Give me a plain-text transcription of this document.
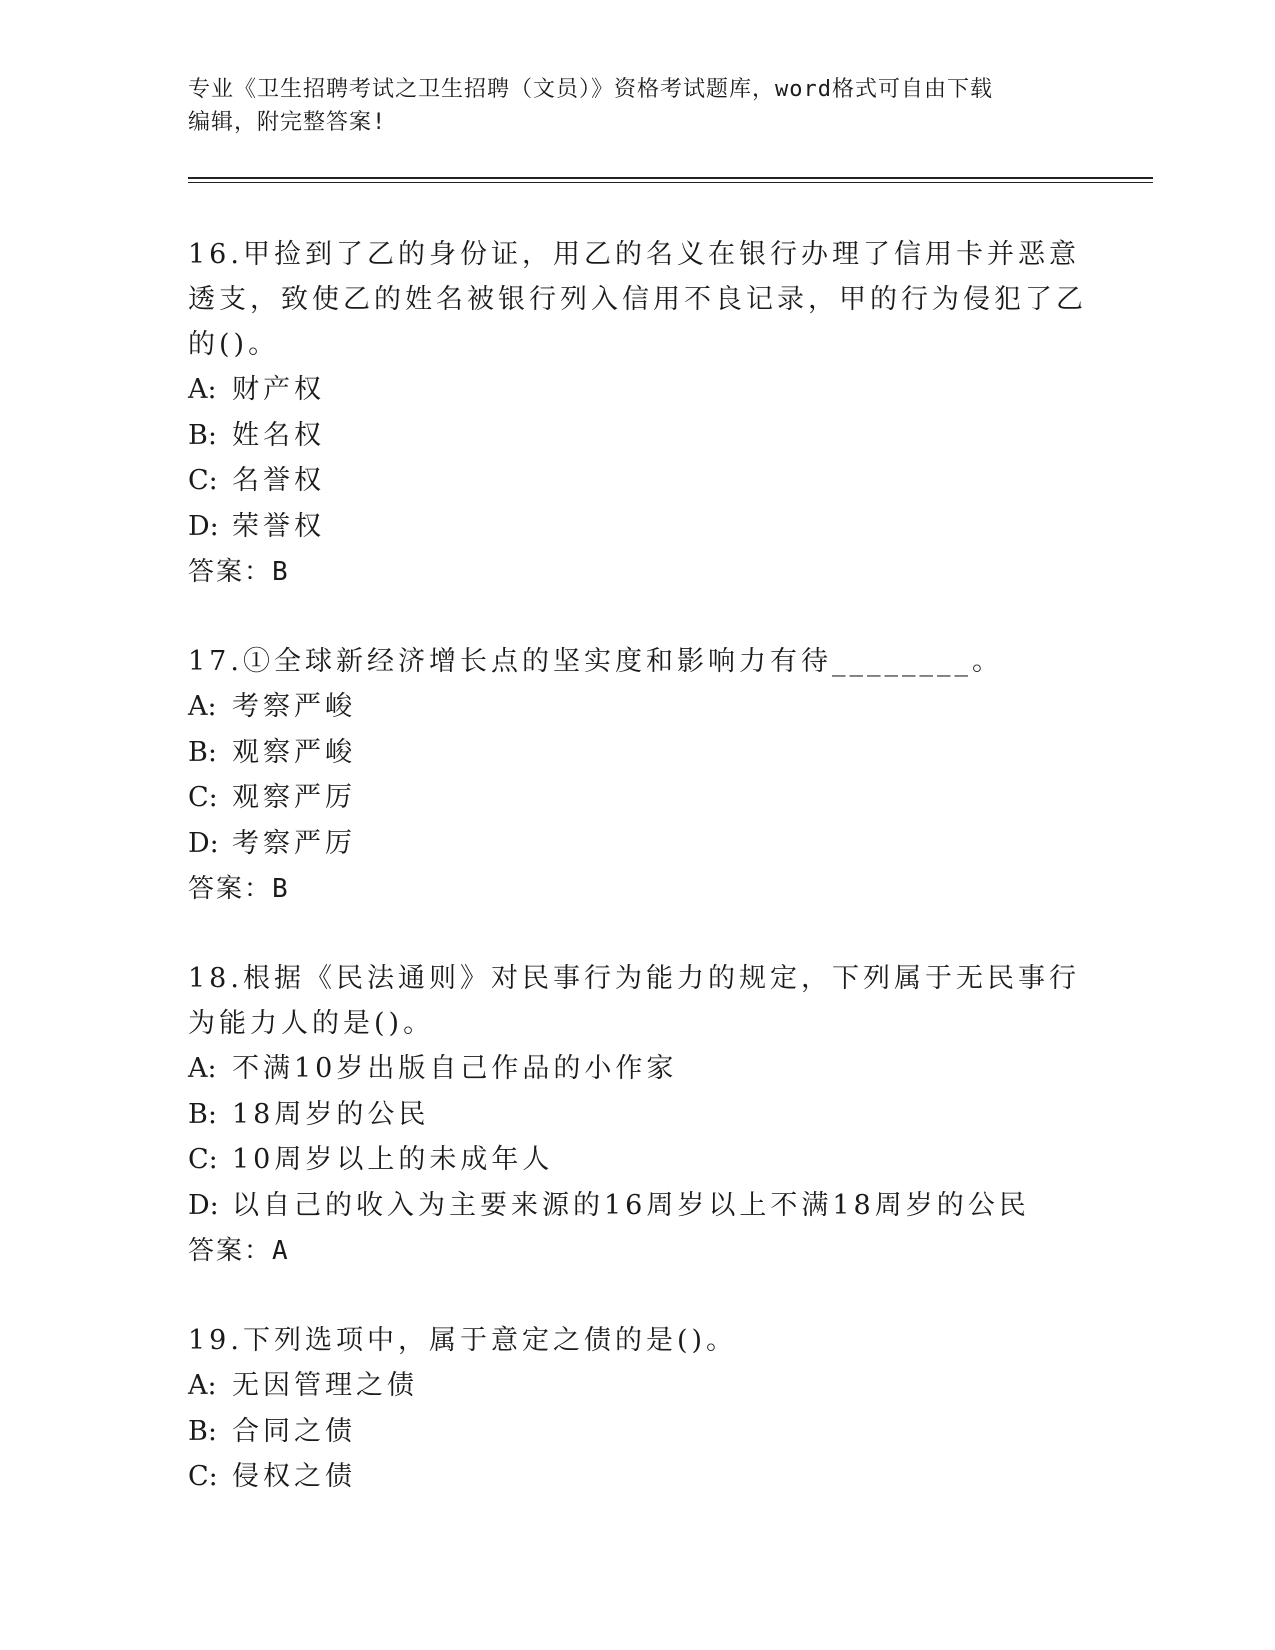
专业《卫生招聘考试之卫生招聘（文员）》资格考试题库，word格式可自由下载
编辑，附完整答案!

16.甲捡到了乙的身份证，用乙的名义在银行办理了信用卡并恶意透支，致使乙的姓名被银行列入信用不良记录，甲的行为侵犯了乙的()。

A: 财产权
B: 姓名权
C: 名誉权
D: 荣誉权
答案：B

17.①全球新经济增长点的坚实度和影响力有待________。

A: 考察严峻
B: 观察严峻
C: 观察严厉
D: 考察严厉
答案：B

18.根据《民法通则》对民事行为能力的规定，下列属于无民事行为能力人的是()。

A: 不满10岁出版自己作品的小作家
B: 18周岁的公民
C: 10周岁以上的未成年人
D: 以自己的收入为主要来源的16周岁以上不满18周岁的公民
答案：A

19.下列选项中，属于意定之债的是()。

A: 无因管理之债
B: 合同之债
C: 侵权之债
